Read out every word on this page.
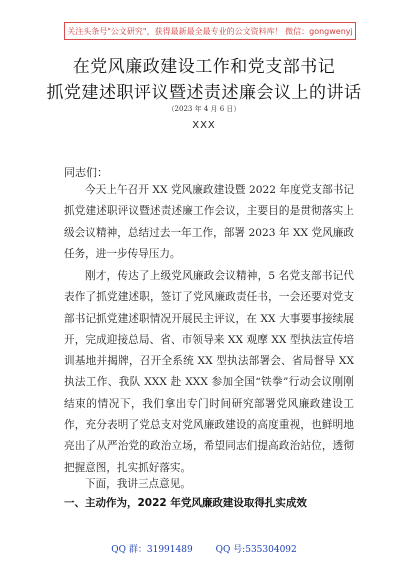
关注头条号"公文研究"，获得最新最全最专业的公文资料库！ 微信：gongwenyj
在党风廉政建设工作和党支部书记
抓党建述职评议暨述责述廉会议上的讲话
（2023 年 4 月 6 日）
XXX
同志们：
今天上午召开 XX 党风廉政建设暨 2022 年度党支部书记抓党建述职评议暨述责述廉工作会议，主要目的是贯彻落实上级会议精神，总结过去一年工作，部署 2023 年 XX 党风廉政任务，进一步传导压力。
刚才，传达了上级党风廉政会议精神，5 名党支部书记代表作了抓党建述职，签订了党风廉政责任书，一会还要对党支部书记抓党建述职情况开展民主评议，在 XX 大事要事接续展开，完成迎接总局、省、市领导来 XX 观摩 XX 型执法宣传培训基地并揭牌，召开全系统 XX 型执法部署会、省局督导 XX 执法工作、我队 XXX 赴 XXX 参加全国“铁拳”行动会议刚刚结束的情况下，我们拿出专门时间研究部署党风廉政建设工作，充分表明了党总支对党风廉政建设的高度重视，也鲜明地亮出了从严治党的政治立场，希望同志们提高政治站位，透彻把握意图，扎实抓好落实。
下面，我讲三点意见。
一、主动作为，2022 年党风廉政建设取得扎实成效
QQ 群：31991489	QQ 号:535304092
